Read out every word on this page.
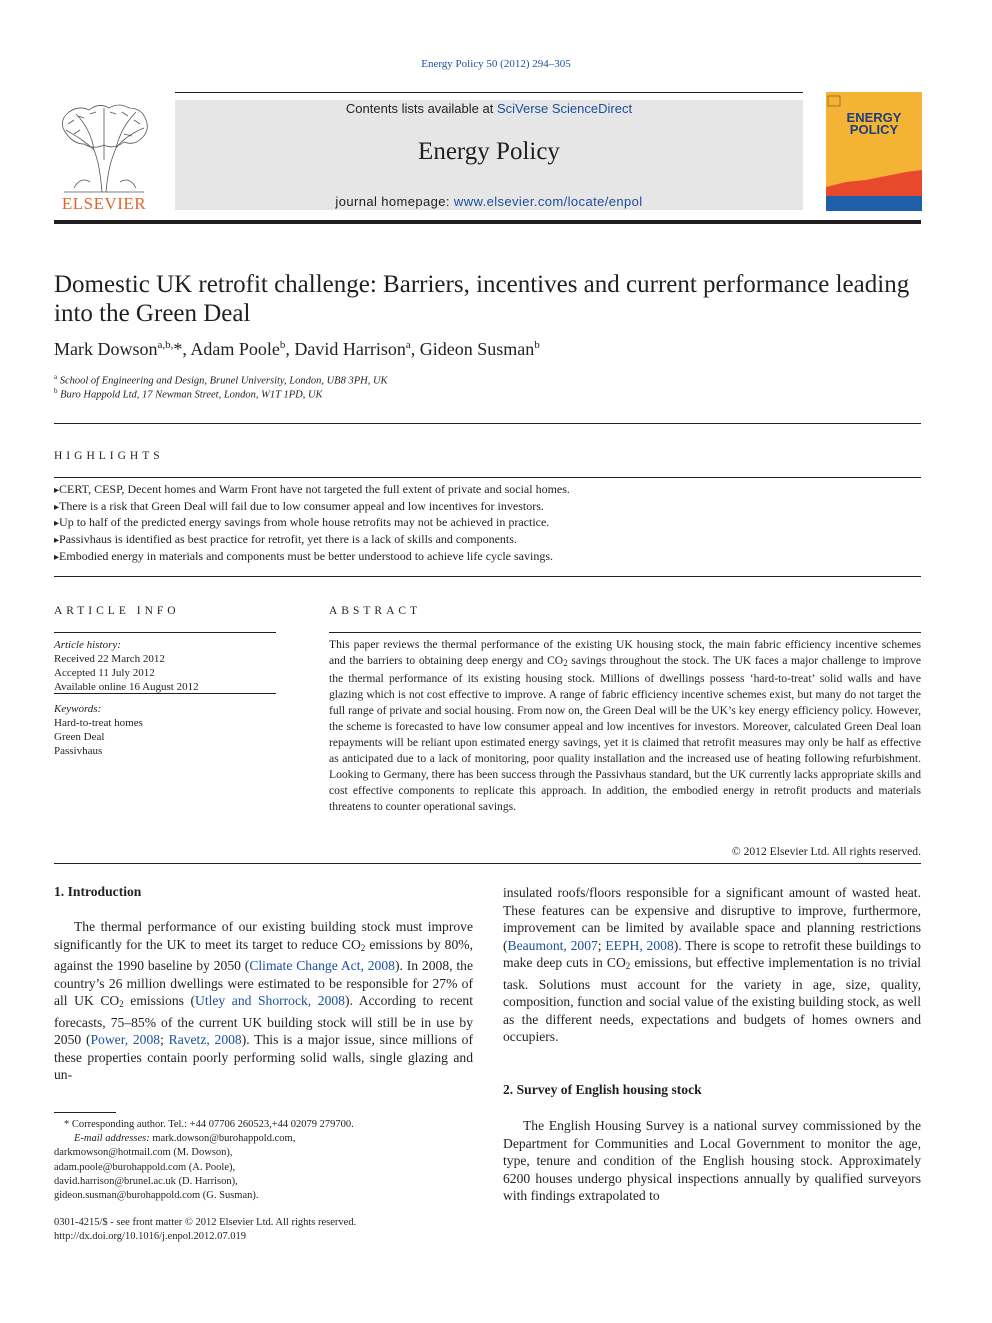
Energy Policy 50 (2012) 294–305
ELSEVIER
Contents lists available at SciVerse ScienceDirect
Energy Policy
journal homepage: www.elsevier.com/locate/enpol
ENERGY
POLICY
Domestic UK retrofit challenge: Barriers, incentives and current performance leading into the Green Deal
Mark Dowson$^{a,b,}$*, Adam Poole$^b$, David Harrison$^a$, Gideon Susman$^b$
$^a$ School of Engineering and Design, Brunel University, London, UB8 3PH, UK
$^b$ Buro Happold Ltd, 17 Newman Street, London, W1T 1PD, UK
HIGHLIGHTS
▸ CERT, CESP, Decent homes and Warm Front have not targeted the full extent of private and social homes.
▸ There is a risk that Green Deal will fail due to low consumer appeal and low incentives for investors.
▸ Up to half of the predicted energy savings from whole house retrofits may not be achieved in practice.
▸ Passivhaus is identified as best practice for retrofit, yet there is a lack of skills and components.
▸ Embodied energy in materials and components must be better understood to achieve life cycle savings.
ARTICLE INFO
Article history:
Received 22 March 2012
Accepted 11 July 2012
Available online 16 August 2012
Keywords:
Hard-to-treat homes
Green Deal
Passivhaus
ABSTRACT
This paper reviews the thermal performance of the existing UK housing stock, the main fabric efficiency incentive schemes and the barriers to obtaining deep energy and CO2 savings throughout the stock. The UK faces a major challenge to improve the thermal performance of its existing housing stock. Millions of dwellings possess ‘hard-to-treat’ solid walls and have glazing which is not cost effective to improve. A range of fabric efficiency incentive schemes exist, but many do not target the full range of private and social housing. From now on, the Green Deal will be the UK’s key energy efficiency policy. However, the scheme is forecasted to have low consumer appeal and low incentives for investors. Moreover, calculated Green Deal loan repayments will be reliant upon estimated energy savings, yet it is claimed that retrofit measures may only be half as effective as anticipated due to a lack of monitoring, poor quality installation and the increased use of heating following refurbishment. Looking to Germany, there has been success through the Passivhaus standard, but the UK currently lacks appropriate skills and cost effective components to replicate this approach. In addition, the embodied energy in retrofit products and materials threatens to counter operational savings.
© 2012 Elsevier Ltd. All rights reserved.
1. Introduction
The thermal performance of our existing building stock must improve significantly for the UK to meet its target to reduce CO2 emissions by 80%, against the 1990 baseline by 2050 (Climate Change Act, 2008). In 2008, the country’s 26 million dwellings were estimated to be responsible for 27% of all UK CO2 emissions (Utley and Shorrock, 2008). According to recent forecasts, 75–85% of the current UK building stock will still be in use by 2050 (Power, 2008; Ravetz, 2008). This is a major issue, since millions of these properties contain poorly performing solid walls, single glazing and un-
insulated roofs/floors responsible for a significant amount of wasted heat. These features can be expensive and disruptive to improve, furthermore, improvement can be limited by available space and planning restrictions (Beaumont, 2007; EEPH, 2008). There is scope to retrofit these buildings to make deep cuts in CO2 emissions, but effective implementation is no trivial task. Solutions must account for the variety in age, size, quality, composition, function and social value of the existing building stock, as well as the different needs, expectations and budgets of homes owners and occupiers.
2. Survey of English housing stock
The English Housing Survey is a national survey commissioned by the Department for Communities and Local Government to monitor the age, type, tenure and condition of the English housing stock. Approximately 6200 houses undergo physical inspections annually by qualified surveyors with findings extrapolated to
* Corresponding author. Tel.: +44 07706 260523,+44 02079 279700.
E-mail addresses: mark.dowson@burohappold.com,
darkmowson@hotmail.com (M. Dowson),
adam.poole@burohappold.com (A. Poole),
david.harrison@brunel.ac.uk (D. Harrison),
gideon.susman@burohappold.com (G. Susman).
0301-4215/$ - see front matter © 2012 Elsevier Ltd. All rights reserved.
http://dx.doi.org/10.1016/j.enpol.2012.07.019
